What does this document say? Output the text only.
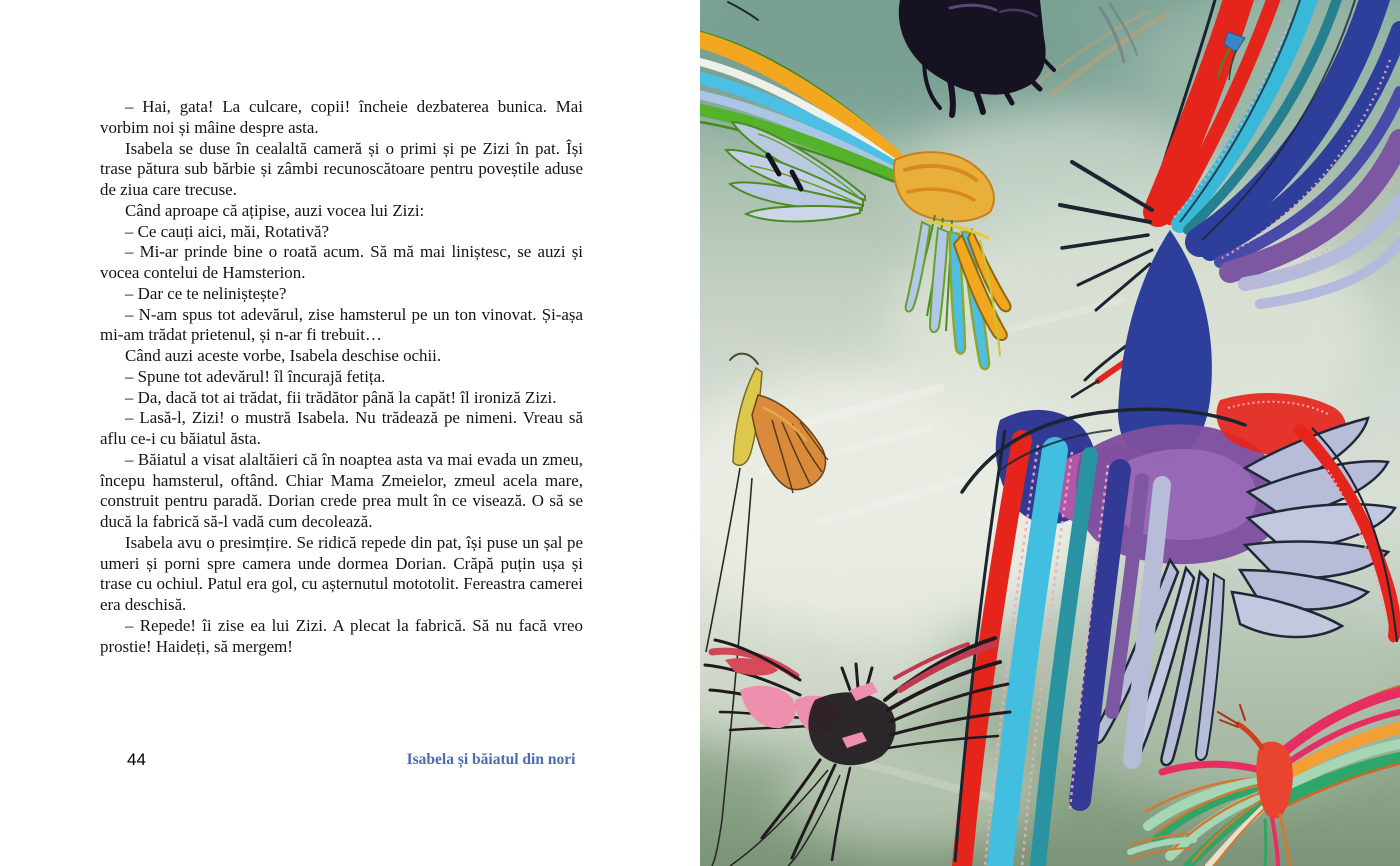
– Hai, gata! La culcare, copii! încheie dezbaterea bunica. Mai vorbim noi și mâine despre asta.

Isabela se duse în cealaltă cameră și o primi și pe Zizi în pat. Își trase pătura sub bărbie și zâmbi recunoscătoare pentru poveștile aduse de ziua care trecuse.

Când aproape că ațipise, auzi vocea lui Zizi:

– Ce cauți aici, măi, Rotativă?

– Mi-ar prinde bine o roată acum. Să mă mai liniștesc, se auzi și vocea contelui de Hamsterion.

– Dar ce te neliniștește?

– N-am spus tot adevărul, zise hamsterul pe un ton vinovat. Și-așa mi-am trădat prietenul, și n-ar fi trebuit…

Când auzi aceste vorbe, Isabela deschise ochii.

– Spune tot adevărul! îl încurajă fetița.

– Da, dacă tot ai trădat, fii trădător până la capăt! îl ironiză Zizi.

– Lasă-l, Zizi! o mustră Isabela. Nu trădează pe nimeni. Vreau să aflu ce-i cu băiatul ăsta.

– Băiatul a visat alaltăieri că în noaptea asta va mai evada un zmeu, începu hamsterul, oftând. Chiar Mama Zmeielor, zmeul acela mare, construit pentru paradă. Dorian crede prea mult în ce visează. O să se ducă la fabrică să-l vadă cum decolează.

Isabela avu o presimțire. Se ridică repede din pat, își puse un șal pe umeri și porni spre camera unde dormea Dorian. Crăpă puțin ușa și trase cu ochiul. Patul era gol, cu așternutul mototolit. Fereastra camerei era deschisă.

– Repede! îi zise ea lui Zizi. A plecat la fabrică. Să nu facă vreo prostie! Haideți, să mergem!

44	Isabela și băiatul din nori
